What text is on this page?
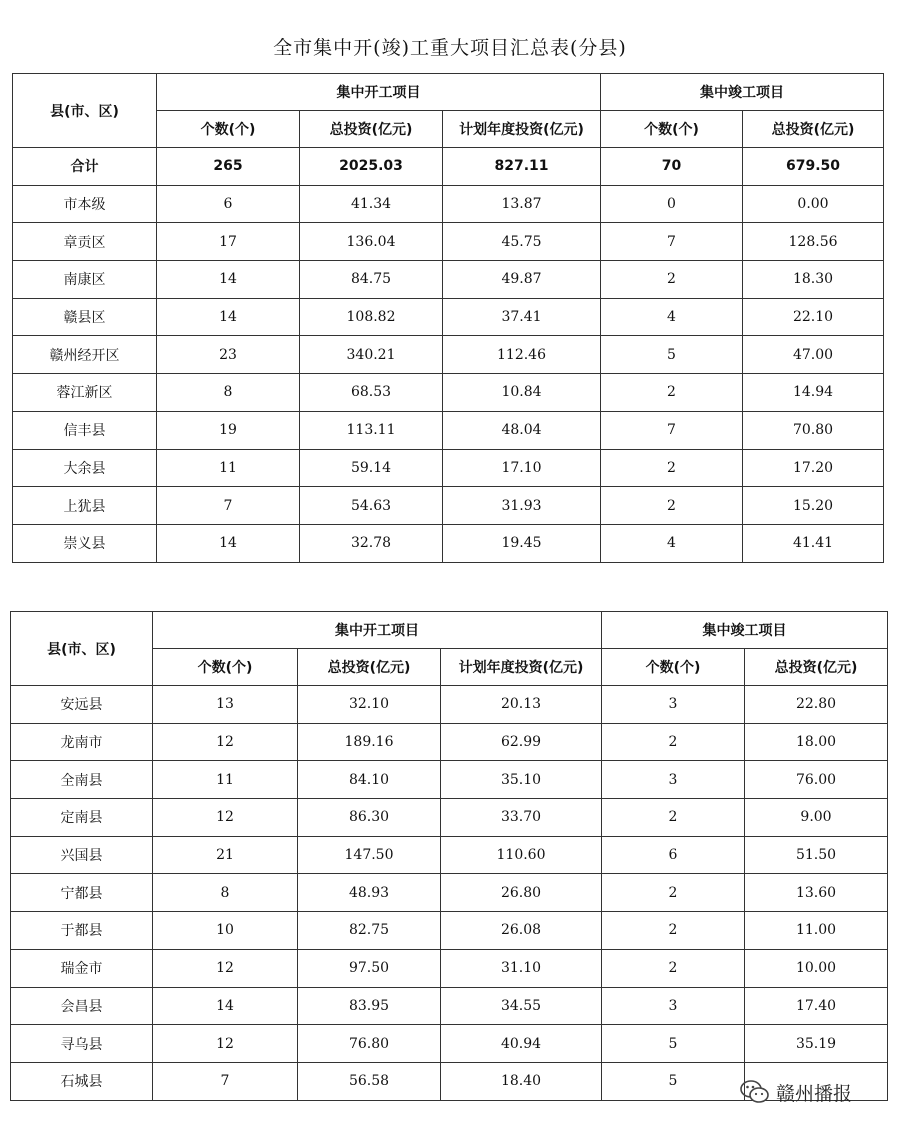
全市集中开(竣)工重大项目汇总表(分县)
县(市、区)	集中开工项目			集中竣工项目	
	个数(个)	总投资(亿元)	计划年度投资(亿元)	个数(个)	总投资(亿元)
合计	265	2025.03	827.11	70	679.50
市本级	6	41.34	13.87	0	0.00
章贡区	17	136.04	45.75	7	128.56
南康区	14	84.75	49.87	2	18.30
赣县区	14	108.82	37.41	4	22.10
赣州经开区	23	340.21	112.46	5	47.00
蓉江新区	8	68.53	10.84	2	14.94
信丰县	19	113.11	48.04	7	70.80
大余县	11	59.14	17.10	2	17.20
上犹县	7	54.63	31.93	2	15.20
崇义县	14	32.78	19.45	4	41.41
县(市、区)	集中开工项目			集中竣工项目	
	个数(个)	总投资(亿元)	计划年度投资(亿元)	个数(个)	总投资(亿元)
安远县	13	32.10	20.13	3	22.80
龙南市	12	189.16	62.99	2	18.00
全南县	11	84.10	35.10	3	76.00
定南县	12	86.30	33.70	2	9.00
兴国县	21	147.50	110.60	6	51.50
宁都县	8	48.93	26.80	2	13.60
于都县	10	82.75	26.08	2	11.00
瑞金市	12	97.50	31.10	2	10.00
会昌县	14	83.95	34.55	3	17.40
寻乌县	12	76.80	40.94	5	35.19
石城县	7	56.58	18.40	5	
赣州播报
